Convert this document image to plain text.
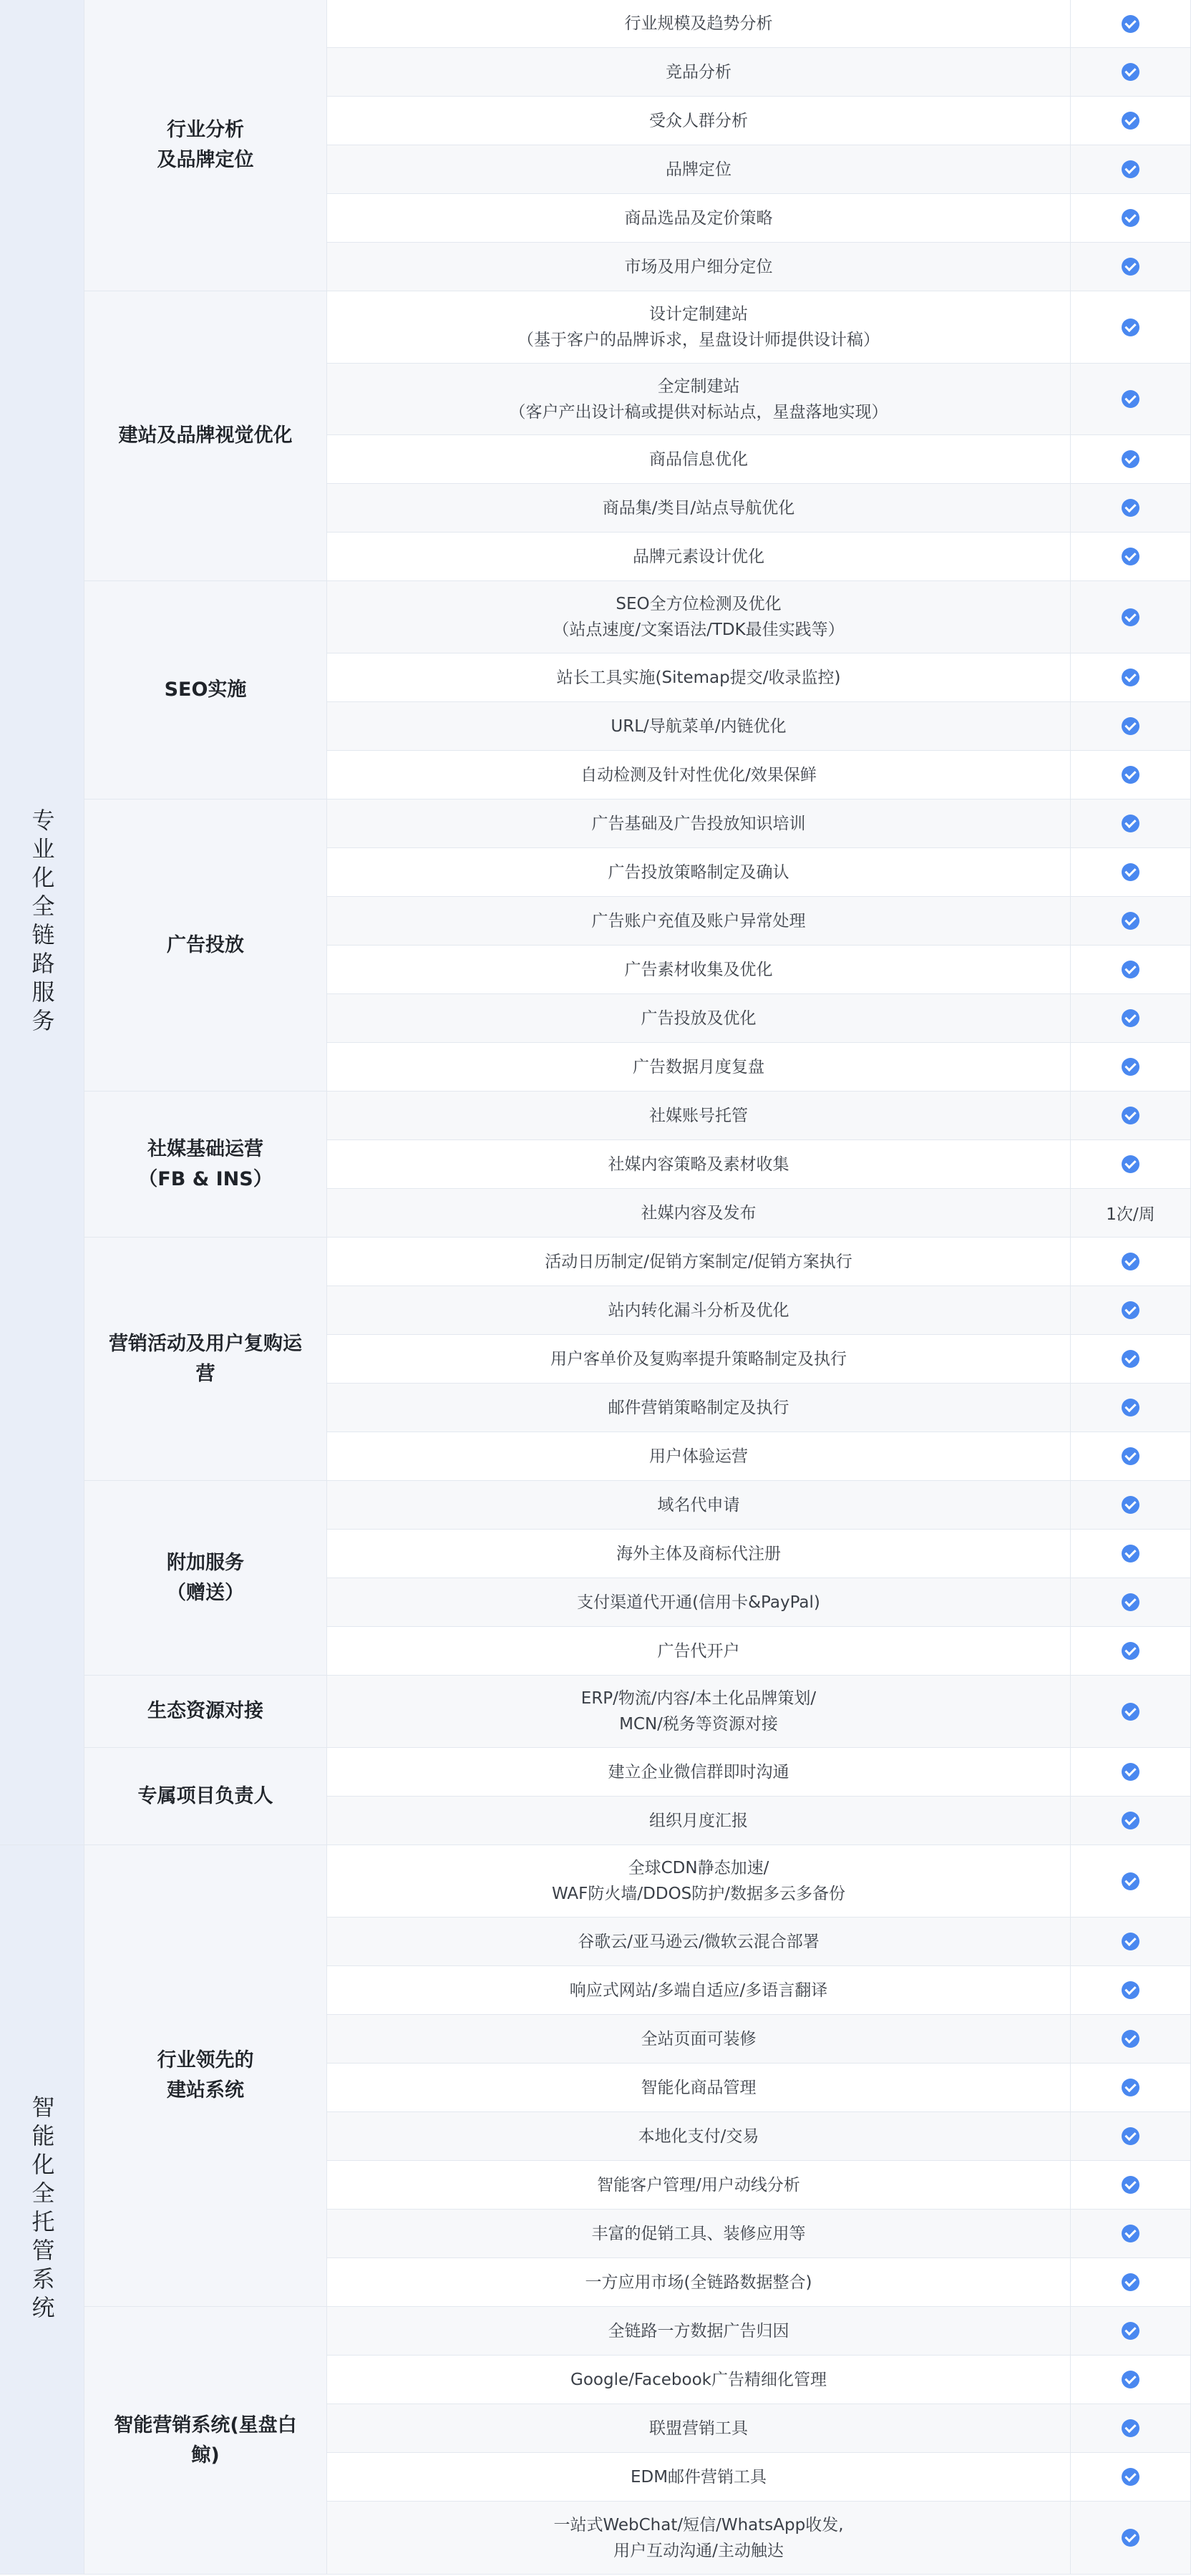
专业化全链路服务
行业分析
及品牌定位
行业规模及趋势分析
竞品分析
受众人群分析
品牌定位
商品选品及定价策略
市场及用户细分定位
建站及品牌视觉优化
设计定制建站
（基于客户的品牌诉求，星盘设计师提供设计稿）
全定制建站
（客户产出设计稿或提供对标站点，星盘落地实现）
商品信息优化
商品集/类目/站点导航优化
品牌元素设计优化
SEO实施
SEO全方位检测及优化
（站点速度/文案语法/TDK最佳实践等）
站长工具实施(Sitemap提交/收录监控)
URL/导航菜单/内链优化
自动检测及针对性优化/效果保鲜
广告投放
广告基础及广告投放知识培训
广告投放策略制定及确认
广告账户充值及账户异常处理
广告素材收集及优化
广告投放及优化
广告数据月度复盘
社媒基础运营
（FB & INS）
社媒账号托管
社媒内容策略及素材收集
社媒内容及发布	1次/周
营销活动及用户复购运营
活动日历制定/促销方案制定/促销方案执行
站内转化漏斗分析及优化
用户客单价及复购率提升策略制定及执行
邮件营销策略制定及执行
用户体验运营
附加服务
（赠送）
域名代申请
海外主体及商标代注册
支付渠道代开通(信用卡&PayPal)
广告代开户
生态资源对接
ERP/物流/内容/本土化品牌策划/
MCN/税务等资源对接
专属项目负责人
建立企业微信群即时沟通
组织月度汇报
智能化全托管系统
行业领先的
建站系统
全球CDN静态加速/
WAF防火墙/DDOS防护/数据多云多备份
谷歌云/亚马逊云/微软云混合部署
响应式网站/多端自适应/多语言翻译
全站页面可装修
智能化商品管理
本地化支付/交易
智能客户管理/用户动线分析
丰富的促销工具、装修应用等
一方应用市场(全链路数据整合)
智能营销系统(星盘白鲸)
全链路一方数据广告归因
Google/Facebook广告精细化管理
联盟营销工具
EDM邮件营销工具
一站式WebChat/短信/WhatsApp收发,
用户互动沟通/主动触达
